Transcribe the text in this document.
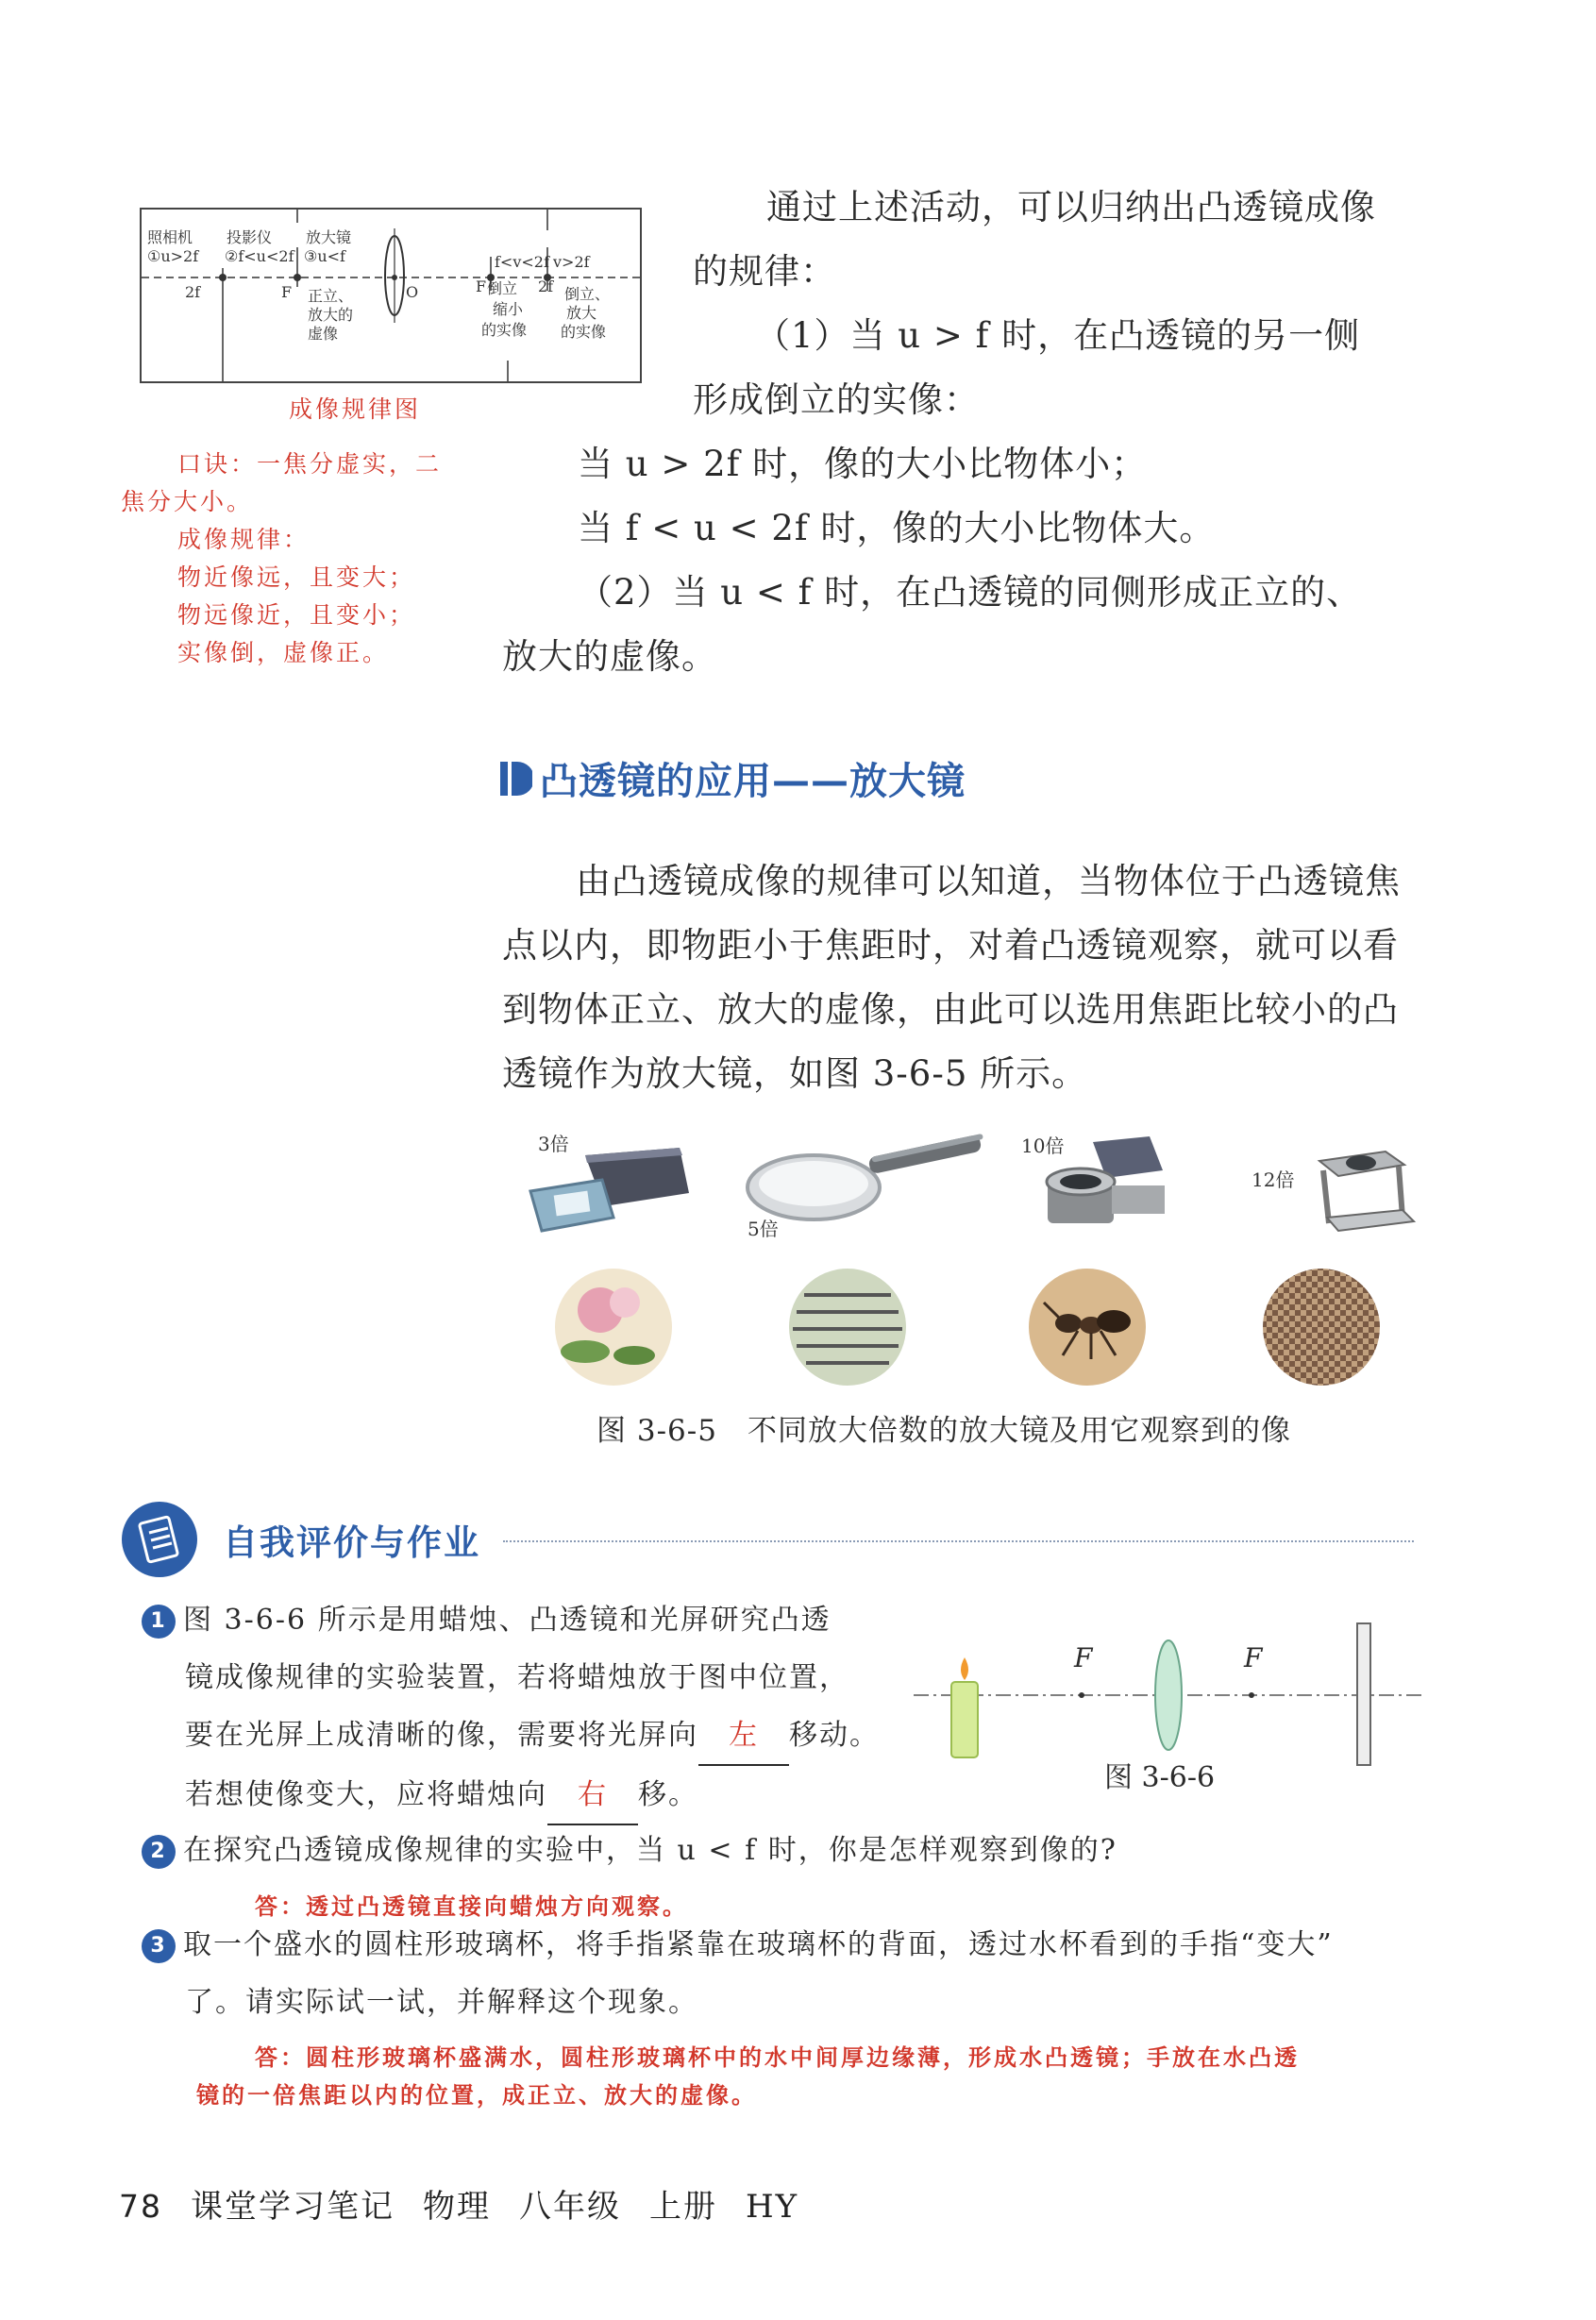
照相机
①u>2f
投影仪
②f<u<2f
放大镜
③u<f
2f	F	O
正立、
放大的
虚像
f<v<2f v>2f
F	2f
倒立
缩小
的实像
倒立、
放大
的实像
成像规律图
口诀：一焦分虚实，二
焦分大小。
成像规律：
物近像远，且变大；
物远像近，且变小；
实像倒，虚像正。
通过上述活动，可以归纳出凸透镜成像
的规律：
（1）当 u > f 时，在凸透镜的另一侧
形成倒立的实像：
当 u > 2f 时，像的大小比物体小；
当 f < u < 2f 时，像的大小比物体大。
（2）当 u < f 时，在凸透镜的同侧形成正立的、
放大的虚像。
凸透镜的应用——放大镜
由凸透镜成像的规律可以知道，当物体位于凸透镜焦
点以内，即物距小于焦距时，对着凸透镜观察，就可以看
到物体正立、放大的虚像，由此可以选用焦距比较小的凸
透镜作为放大镜，如图 3-6-5 所示。
3倍
5倍
10倍
12倍
图 3-6-5　不同放大倍数的放大镜及用它观察到的像
自我评价与作业
1 图 3-6-6 所示是用蜡烛、凸透镜和光屏研究凸透
镜成像规律的实验装置，若将蜡烛放于图中位置，
要在光屏上成清晰的像，需要将光屏向 左 移动。
若想使像变大，应将蜡烛向 右 移。
F	F
图 3-6-6
2 在探究凸透镜成像规律的实验中，当 u < f 时，你是怎样观察到像的?
答：透过凸透镜直接向蜡烛方向观察。
3 取一个盛水的圆柱形玻璃杯，将手指紧靠在玻璃杯的背面，透过水杯看到的手指“变大”
了。请实际试一试，并解释这个现象。
答：圆柱形玻璃杯盛满水，圆柱形玻璃杯中的水中间厚边缘薄，形成水凸透镜；手放在水凸透
镜的一倍焦距以内的位置，成正立、放大的虚像。
78 课堂学习笔记 物理 八年级 上册 HY
